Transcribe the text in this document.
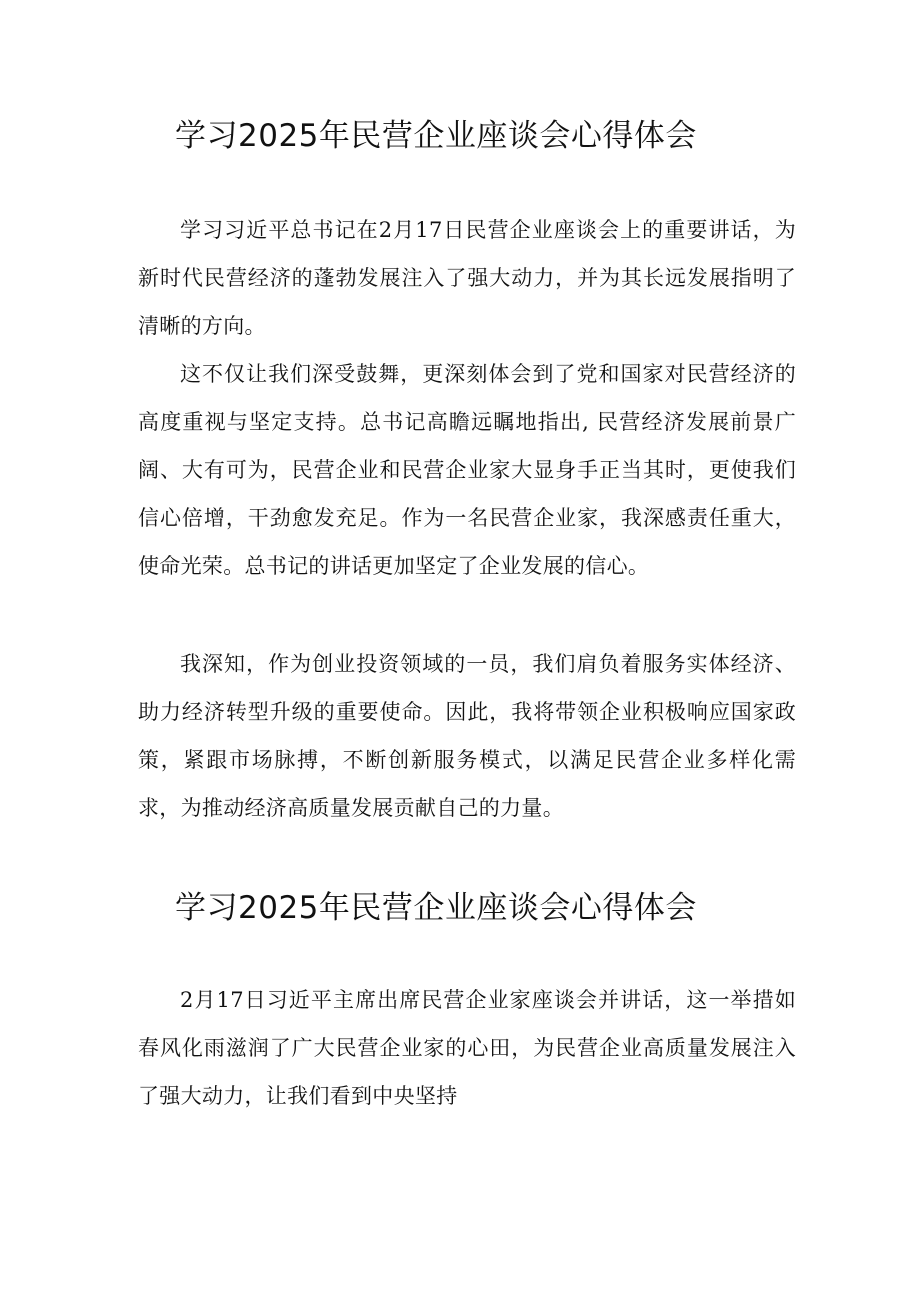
学习2025年民营企业座谈会心得体会

学习习近平总书记在2月17日民营企业座谈会上的重要讲话，为新时代民营经济的蓬勃发展注入了强大动力，并为其长远发展指明了清晰的方向。

这不仅让我们深受鼓舞，更深刻体会到了党和国家对民营经济的高度重视与坚定支持。总书记高瞻远瞩地指出, 民营经济发展前景广阔、大有可为，民营企业和民营企业家大显身手正当其时，更使我们信心倍增，干劲愈发充足。作为一名民营企业家，我深感责任重大，使命光荣。总书记的讲话更加坚定了企业发展的信心。

我深知，作为创业投资领域的一员，我们肩负着服务实体经济、助力经济转型升级的重要使命。因此，我将带领企业积极响应国家政策，紧跟市场脉搏，不断创新服务模式，以满足民营企业多样化需求，为推动经济高质量发展贡献自己的力量。

学习2025年民营企业座谈会心得体会

2月17日习近平主席出席民营企业家座谈会并讲话，这一举措如春风化雨滋润了广大民营企业家的心田，为民营企业高质量发展注入了强大动力，让我们看到中央坚持
